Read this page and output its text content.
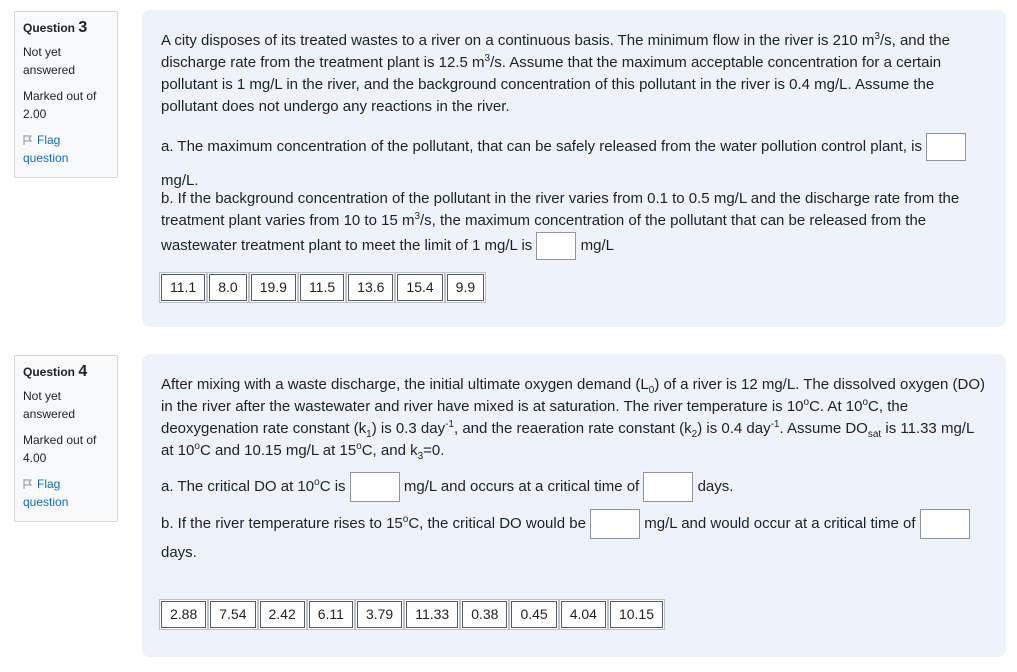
Question 3
Not yet answered
Marked out of
2.00
Flag question

A city disposes of its treated wastes to a river on a continuous basis. The minimum flow in the river is 210 $m^3/s$, and the discharge rate from the treatment plant is 12.5 $m^3/s$. Assume that the maximum acceptable concentration for a certain pollutant is 1 mg/L in the river, and the background concentration of this pollutant in the river is 0.4 mg/L. Assume the pollutant does not undergo any reactions in the river.

a. The maximum concentration of the pollutant, that can be safely released from the water pollution control plant, is  mg/L.

b. If the background concentration of the pollutant in the river varies from 0.1 to 0.5 mg/L and the discharge rate from the treatment plant varies from 10 to 15 $m^3/s$, the maximum concentration of the pollutant that can be released from the wastewater treatment plant to meet the limit of 1 mg/L is	mg/L

11.1	8.0	19.9	11.5	13.6	15.4	9.9
Question 4
Not yet answered
Marked out of
4.00
Flag question

After mixing with a waste discharge, the initial ultimate oxygen demand $(L_0)$ of a river is 12 mg/L. The dissolved oxygen (DO) in the river after the wastewater and river have mixed is at saturation. The river temperature is 10$^o$C. At 10$^o$C, the deoxygenation rate constant $(k_1)$ is 0.3 day$^{-1}$, and the reaeration rate constant $(k_2)$ is 0.4 day$^{-1}$. Assume $DO_{sat}$ is 11.33 mg/L at 10$^o$C and 10.15 mg/L at 15$^o$C, and $k_3=0$.

a. The critical DO at 10$^o$C is	mg/L and occurs at a critical time of	days.

b. If the river temperature rises to 15$^o$C, the critical DO would be	mg/L and would occur at a critical time of
days.

2.88	7.54	2.42	6.11	3.79	11.33	0.38	0.45	4.04	10.15
